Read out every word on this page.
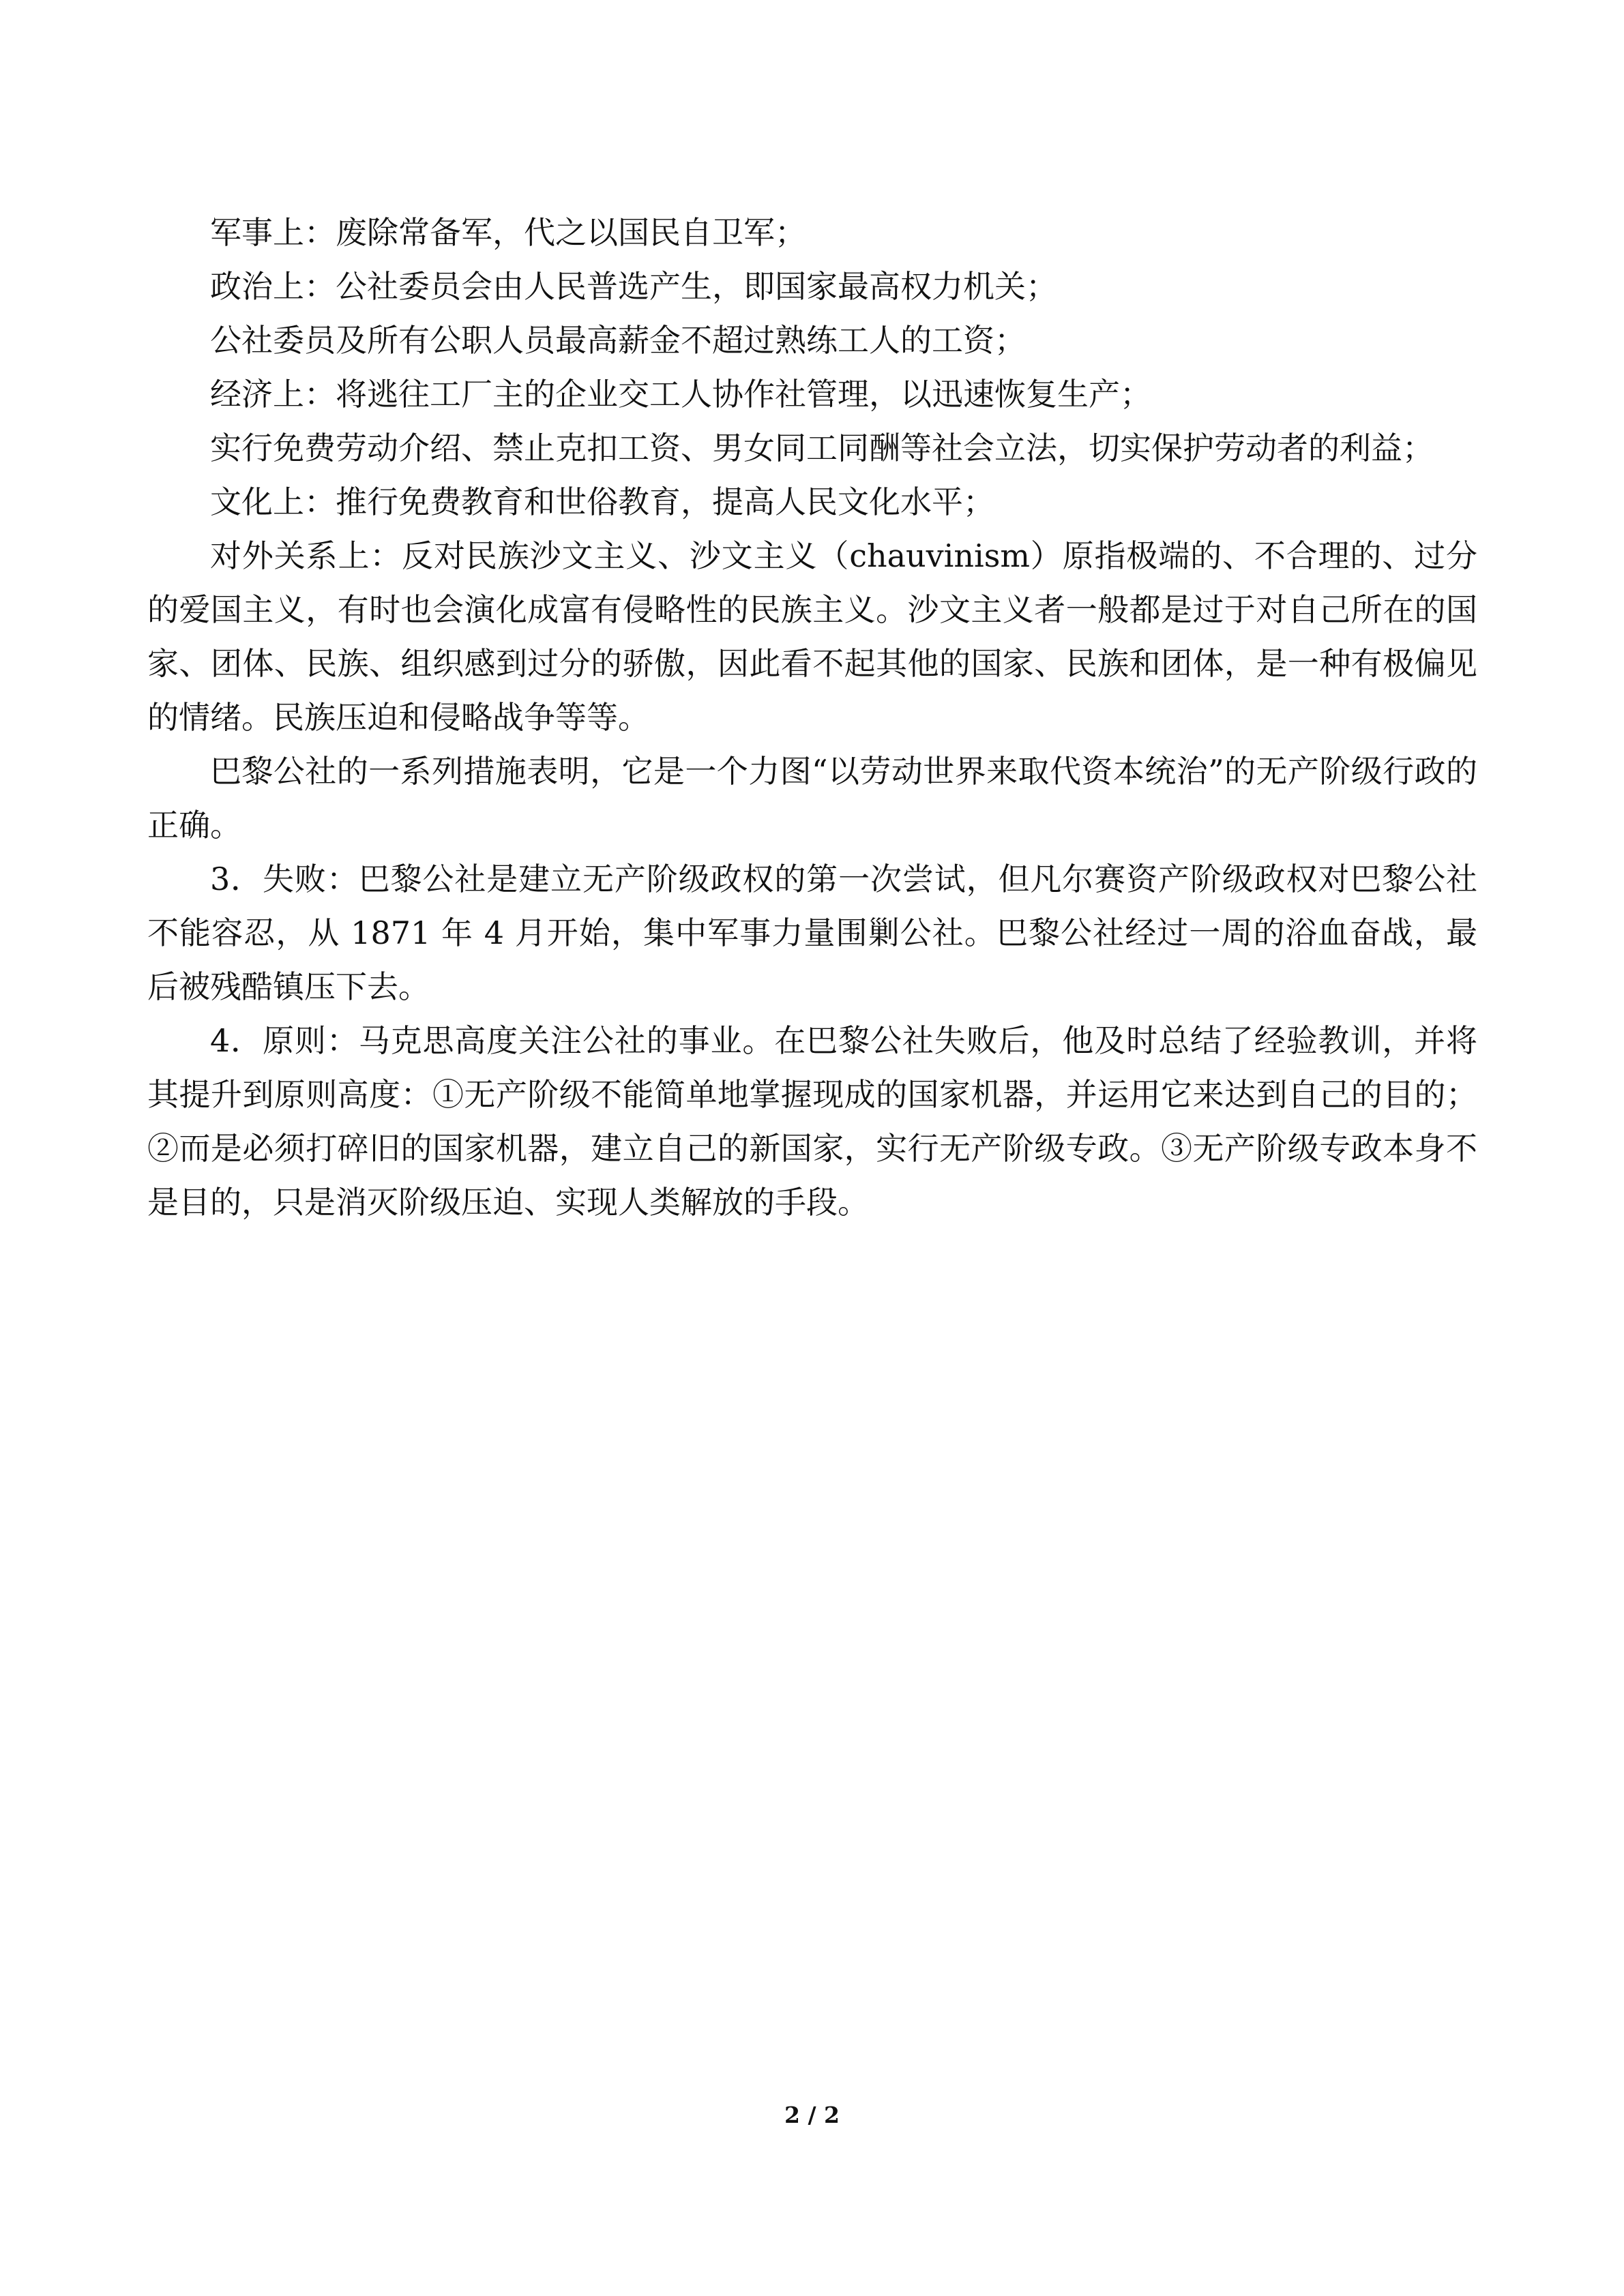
军事上：废除常备军，代之以国民自卫军；

政治上：公社委员会由人民普选产生，即国家最高权力机关；

公社委员及所有公职人员最高薪金不超过熟练工人的工资；

经济上：将逃往工厂主的企业交工人协作社管理，以迅速恢复生产；

实行免费劳动介绍、禁止克扣工资、男女同工同酬等社会立法，切实保护劳动者的利益；

文化上：推行免费教育和世俗教育，提高人民文化水平；

对外关系上：反对民族沙文主义、沙文主义（chauvinism）原指极端的、不合理的、过分的爱国主义，有时也会演化成富有侵略性的民族主义。沙文主义者一般都是过于对自己所在的国家、团体、民族、组织感到过分的骄傲，因此看不起其他的国家、民族和团体，是一种有极偏见的情绪。民族压迫和侵略战争等等。

巴黎公社的一系列措施表明，它是一个力图“以劳动世界来取代资本统治”的无产阶级行政的正确。

3．失败：巴黎公社是建立无产阶级政权的第一次尝试，但凡尔赛资产阶级政权对巴黎公社不能容忍，从 1871 年 4 月开始，集中军事力量围剿公社。巴黎公社经过一周的浴血奋战，最后被残酷镇压下去。

4．原则：马克思高度关注公社的事业。在巴黎公社失败后，他及时总结了经验教训，并将其提升到原则高度：①无产阶级不能简单地掌握现成的国家机器，并运用它来达到自己的目的；②而是必须打碎旧的国家机器，建立自己的新国家，实行无产阶级专政。③无产阶级专政本身不是目的，只是消灭阶级压迫、实现人类解放的手段。

2 / 2
